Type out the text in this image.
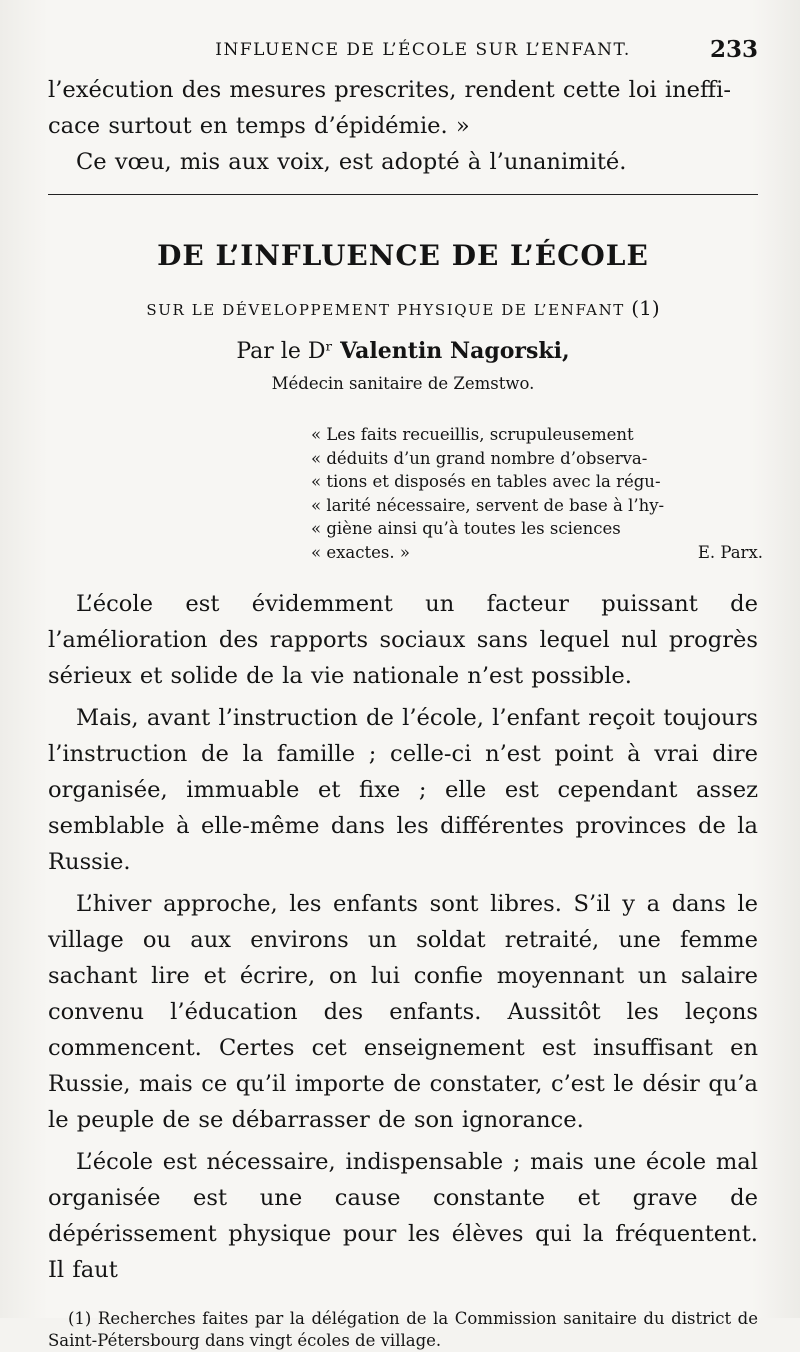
INFLUENCE DE L’ÉCOLE SUR L’ENFANT.	233

l’exécution des mesures prescrites, rendent cette loi ineffi-

cace surtout en temps d’épidémie. »

Ce vœu, mis aux voix, est adopté à l’unanimité.

DE L’INFLUENCE DE L’ÉCOLE
SUR LE DÉVELOPPEMENT PHYSIQUE DE L’ENFANT (1)
Par le Dʳ Valentin Nagorski,
Médecin sanitaire de Zemstwo.
« Les faits recueillis, scrupuleusement
« déduits d’un grand nombre d’observa-
« tions et disposés en tables avec la régu-
« larité nécessaire, servent de base à l’hy-
« giène ainsi qu’à toutes les sciences
« exactes. »	E. Parx.

L’école est évidemment un facteur puissant de l’amélioration des rapports sociaux sans lequel nul progrès sérieux et solide de la vie nationale n’est possible.

Mais, avant l’instruction de l’école, l’enfant reçoit toujours l’instruction de la famille ; celle-ci n’est point à vrai dire organisée, immuable et fixe ; elle est cependant assez semblable à elle-même dans les différentes provinces de la Russie.

L’hiver approche, les enfants sont libres. S’il y a dans le village ou aux environs un soldat retraité, une femme sachant lire et écrire, on lui confie moyennant un salaire convenu l’éducation des enfants. Aussitôt les leçons commencent. Certes cet enseignement est insuffisant en Russie, mais ce qu’il importe de constater, c’est le désir qu’a le peuple de se débarrasser de son ignorance.

L’école est nécessaire, indispensable ; mais une école mal organisée est une cause constante et grave de dépérissement physique pour les élèves qui la fréquentent. Il faut

(1) Recherches faites par la délégation de la Commission sanitaire du district de Saint-Pétersbourg dans vingt écoles de village.
